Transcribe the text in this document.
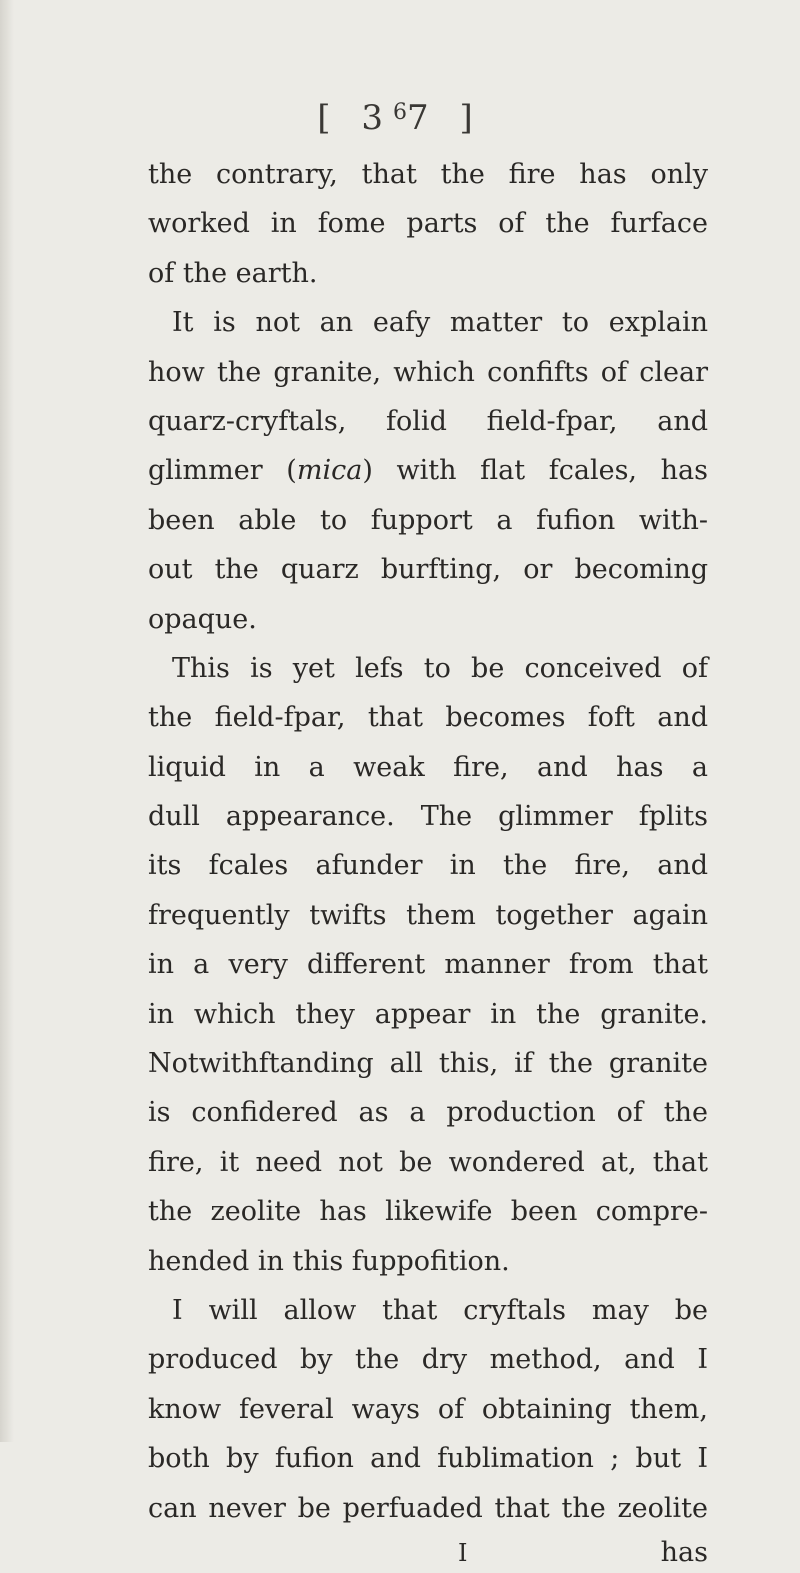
[ $3^67$ ]
the contrary, that the fire has only
worked in fome parts of the furface
of the earth.
It is not an eafy matter to explain
how the granite, which confifts of clear
quarz-cryftals, folid field-fpar, and
glimmer (mica) with flat fcales, has
been able to fupport a fufion with-
out the quarz burfting, or becoming
opaque.
This is yet lefs to be conceived of
the field-fpar, that becomes foft and
liquid in a weak fire, and has a
dull appearance. The glimmer fplits
its fcales afunder in the fire, and
frequently twifts them together again
in a very different manner from that
in which they appear in the granite.
Notwithftanding all this, if the granite
is confidered as a production of the
fire, it need not be wondered at, that
the zeolite has likewife been compre-
hended in this fuppofition.
I will allow that cryftals may be
produced by the dry method, and I
know feveral ways of obtaining them,
both by fufion and fublimation ; but I
can never be perfuaded that the zeolite
I	has
